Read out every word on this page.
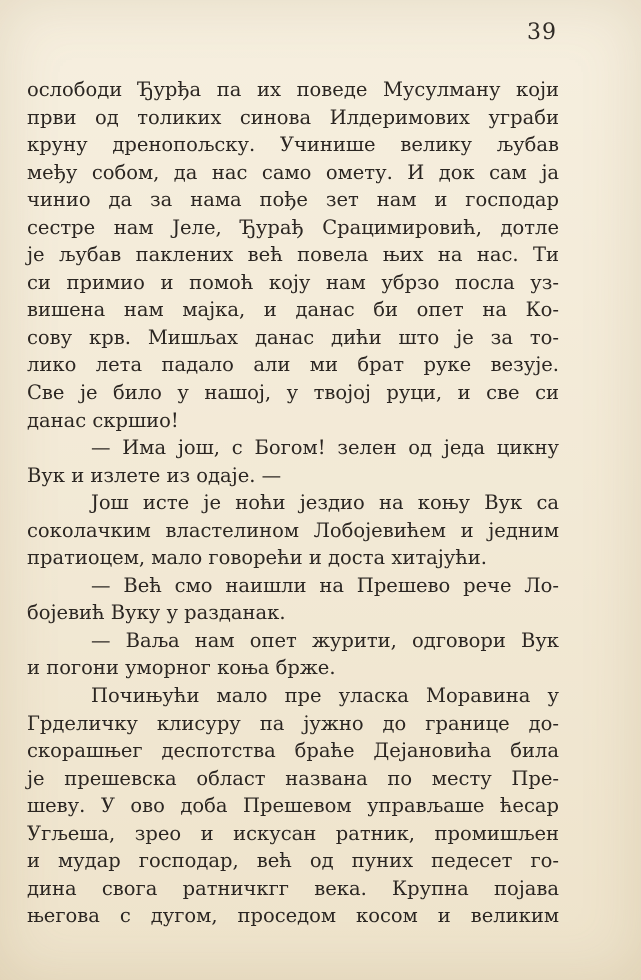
39
ослободи Ђурђа па их поведе Мусулману који
први од толиких синова Илдеримових уграби
круну дренопољску. Учинише велику љубав
међу собом, да нас само омету. И док сам ја
чинио да за нама пође зет нам и господар
сестре нам Јеле, Ђурађ Срацимировић, дотле
је љубав паклених већ повела њих на нас. Ти
си примио и помоћ коју нам убрзо посла уз-
вишена нам мајка, и данас би опет на Ко-
сову крв. Мишљах данас дићи што је за то-
лико лета падало али ми брат руке везује.
Све је било у нашој, у твојој руци, и све си
данас скршио!
— Има још, с Богом! зелен од једа цикну
Вук и излете из одаје. —
Још исте је ноћи јездио на коњу Вук са
соколачким властелином Лобојевићем и једним
пратиоцем, мало говорећи и доста хитајући.
— Већ смо наишли на Прешево рече Ло-
бојевић Вуку у разданак.
— Ваља нам опет журити, одговори Вук
и погони уморног коња брже.
Почињући мало пре уласка Моравина у
Грделичку клисуру па јужно до границе до-
скорашњег деспотства браће Дејановића била
је прешевска област названа по месту Пре-
шеву. У ово доба Прешевом управљаше ћесар
Угљеша, зрео и искусан ратник, промишљен
и мудар господар, већ од пуних педесет го-
дина свога ратничкгг века. Крупна појава
његова с дугом, проседом косом и великим
